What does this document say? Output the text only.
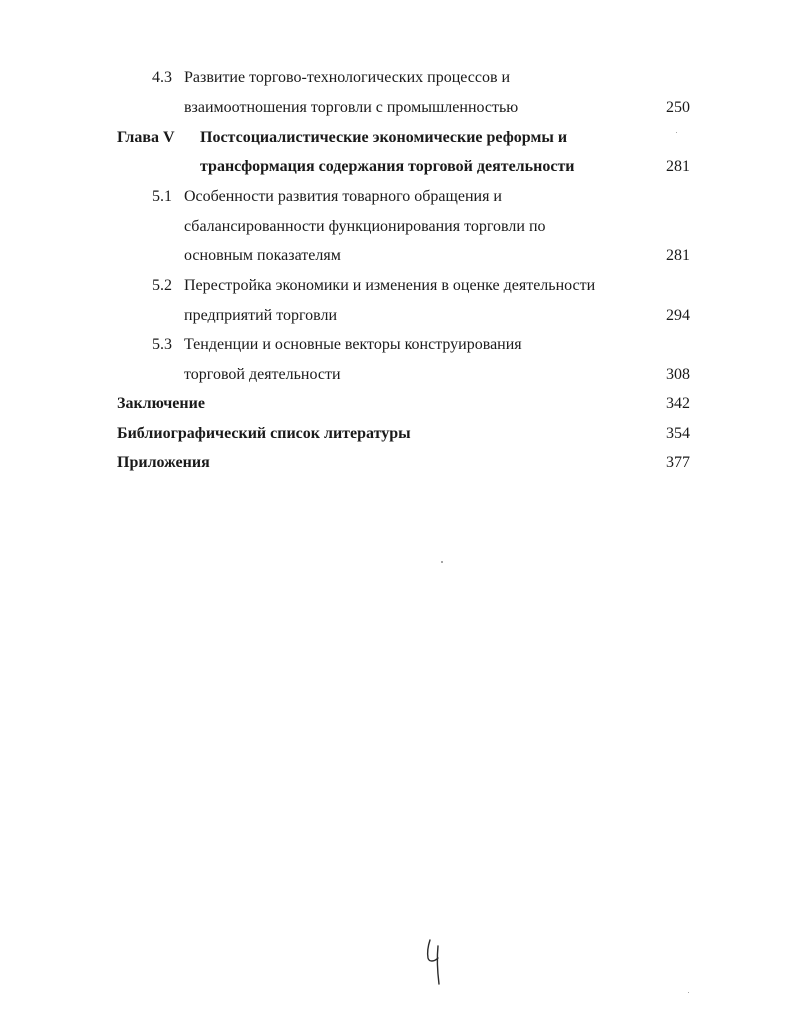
4.3 Развитие торгово-технологических процессов и
взаимоотношения торговли с промышленностью	250
Глава V Постсоциалистические экономические реформы и
трансформация содержания торговой деятельности	281
5.1 Особенности развития товарного обращения и
сбалансированности функционирования торговли по
основным показателям	281
5.2 Перестройка экономики и изменения в оценке деятельности
предприятий торговли	294
5.3 Тенденции и основные векторы конструирования
торговой деятельности	308
Заключение	342
Библиографический список литературы	354
Приложения	377
